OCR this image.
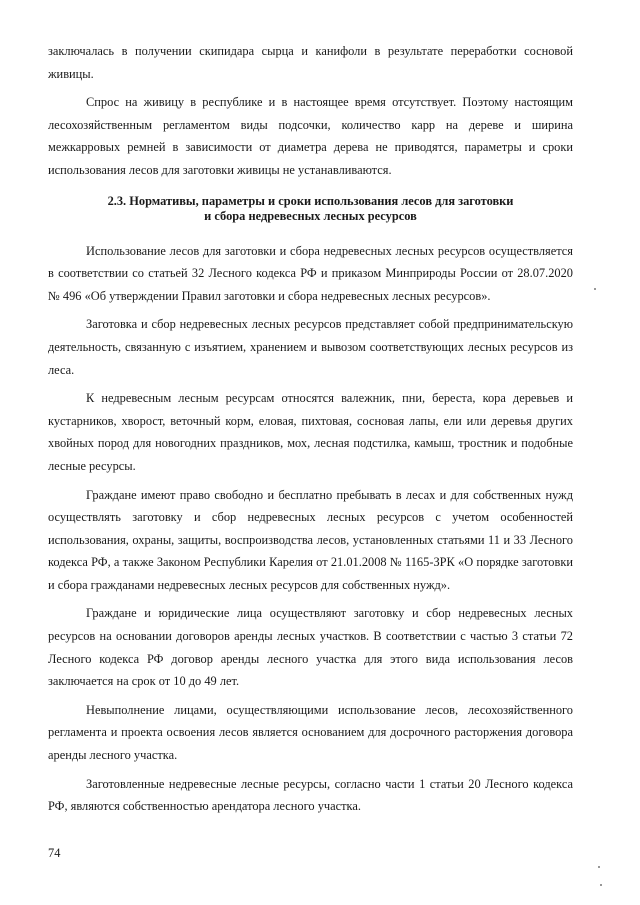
заключалась в получении скипидара сырца и канифоли в результате переработки сосновой живицы.

Спрос на живицу в республике и в настоящее время отсутствует. Поэтому настоящим лесохозяйственным регламентом виды подсочки, количество карр на дереве и ширина межкарровых ремней в зависимости от диаметра дерева не приводятся, параметры и сроки использования лесов для заготовки живицы не устанавливаются.

2.3. Нормативы, параметры и сроки использования лесов для заготовки
и сбора недревесных лесных ресурсов

Использование лесов для заготовки и сбора недревесных лесных ресурсов осуществляется в соответствии со статьей 32 Лесного кодекса РФ и приказом Минприроды России от 28.07.2020 № 496 «Об утверждении Правил заготовки и сбора недревесных лесных ресурсов».

Заготовка и сбор недревесных лесных ресурсов представляет собой предпринимательскую деятельность, связанную с изъятием, хранением и вывозом соответствующих лесных ресурсов из леса.

К недревесным лесным ресурсам относятся валежник, пни, береста, кора деревьев и кустарников, хворост, веточный корм, еловая, пихтовая, сосновая лапы, ели или деревья других хвойных пород для новогодних праздников, мох, лесная подстилка, камыш, тростник и подобные лесные ресурсы.

Граждане имеют право свободно и бесплатно пребывать в лесах и для собственных нужд осуществлять заготовку и сбор недревесных лесных ресурсов с учетом особенностей использования, охраны, защиты, воспроизводства лесов, установленных статьями 11 и 33 Лесного кодекса РФ, а также Законом Республики Карелия от 21.01.2008 № 1165-ЗРК «О порядке заготовки и сбора гражданами недревесных лесных ресурсов для собственных нужд».

Граждане и юридические лица осуществляют заготовку и сбор недревесных лесных ресурсов на основании договоров аренды лесных участков. В соответствии с частью 3 статьи 72 Лесного кодекса РФ договор аренды лесного участка для этого вида использования лесов заключается на срок от 10 до 49 лет.

Невыполнение лицами, осуществляющими использование лесов, лесохозяйственного регламента и проекта освоения лесов является основанием для досрочного расторжения договора аренды лесного участка.

Заготовленные недревесные лесные ресурсы, согласно части 1 статьи 20 Лесного кодекса РФ, являются собственностью арендатора лесного участка.

74
